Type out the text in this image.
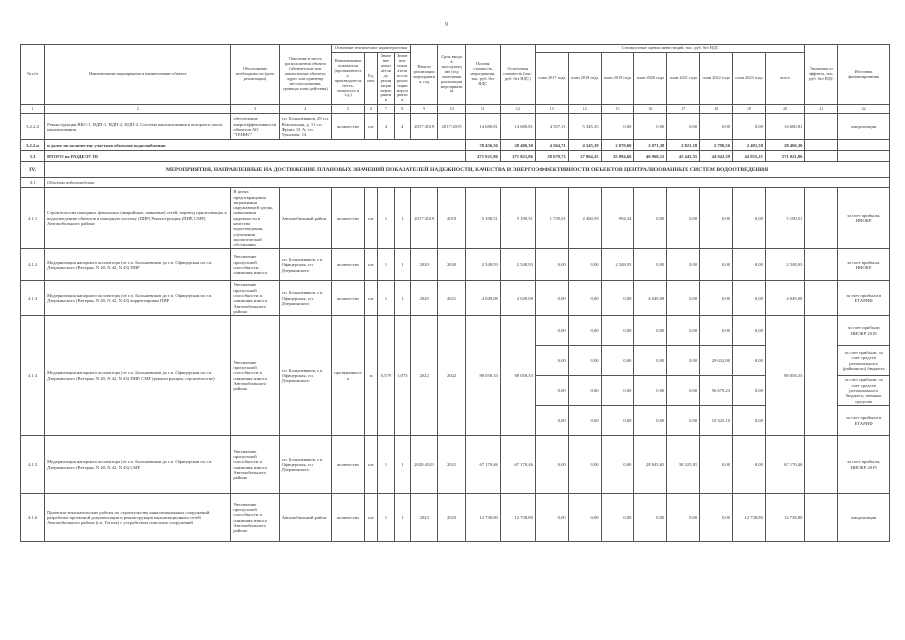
9
№ п/п	Наименование мероприятия и наименование объекта	Обоснование необходимости (цель реализации)	Описание и место расположения объекта (абонентские или аналогичные объекты; адрес или ориентир местоположения; границы зоны действия)	Основные технические характеристики				Начало реализации мероприятия, год	Срок ввода в эксплуатацию (год окончания реализации мероприятия)	Полная стоимость мероприятия, тыс. руб. без НДС	Остаточная стоимость (тыс. руб. без НДС)	Стоимостные оценки инвестиций, тыс. руб. без НДС								Экономия от эффекта, тыс. руб. без НДС	Источник финансирования
				Наименование показателя (протяженность, производительность, мощность и т.д.)	Ед. изм.	Значение показателя до реализации мероприятия	Значение показателя после реализации мероприятия					план 2017 года	план 2018 года	план 2019 года	план 2020 года	план 2021 года	план 2022 года	план 2023 года	всего		

1	2	3	4	5	6	7	8	9	10	11	12	13	14	15	16	17	18	19	20	21	22
3.2.2.4	Реконструкция ВКС-1, НДП-1, НДП-2, НДП-3. Система канализования в котором в части канализования	обеспечение энергоэффективности объектов АО "ТЕНИС"	г.п. Большевиков, 29 г.п. Вокзальная, д. 11 г.п. Фронт, 31 А, г.п. Тукалова, 14	количество	шт	4	4	2017-2019	2017-2019	14 680,81	14 680,81	4 557,11	5 345,35	0,00	0,00	0,00	0,00	0,00	14 680,81		амортизация
3.2.2.n	и далее по количеству участков объектов водоснабжения									70 456,56	28 406,30	4 564,71	4 545,39	2 079,60	2 071,38	2 821,18	2 798,56	2 491,58	28 406,30		
3.3	ИТОГО по РАЗДЕЛУ III									471 021,86	271 021,86	28 679,73	27 864,25	25 894,66	46 960,12	45 443,55	44 942,39	44 935,21	271 021,86		
IV.	МЕРОПРИЯТИЯ, НАПРАВЛЕННЫЕ НА ДОСТИЖЕНИЕ ПЛАНОВЫХ ЗНАЧЕНИЙ ПОКАЗАТЕЛЕЙ НАДЕЖНОСТИ, КАЧЕСТВА И ЭНЕРГОЭФФЕКТИВНОСТИ ОБЪЕКТОВ ЦЕНТРАЛИЗОВАННЫХ СИСТЕМ ВОДООТВЕДЕНИЯ																				
4.1	Объекты водоотведения																				
4.1.1	Строительство напорных фекальных (аварийные, ливневые) сетей, перевод прилегающих к водоотведению объектов в напорную систему (ПИР) Реконструкция (ПИР, СМР) Автомобильного района	В целях предотвращения загрязнения окружающей среды, повышения надежности и качества водоотведения, улучшения экологической обстановки	Автомобильный район	количество	шт	1	1	2017-2019	2019	5 190,51	5 190,51	1 739,01	2 460,59	994,34	0,00	0,00	0,00	0,00	5 190,51		за счет прибыли, НИОКР
4.1.2	Модернизация напорного коллектора (от г.п. Большевиков до г.п. Офицерская по г.п. Дзержинского (Ветеран, N 40, N 42, N 43) ПИР	Увеличение пропускной способности, снижения износа	г.п. Большевиков, г.п. Офицерская, г.п. Дзержинского	количество	шт	1	1	2020	2020	2 548,93	2 548,93	0,00	0,00	2 548,93	0,00	0,00	0,00	0,00	2 548,93		за счет прибыли, НИОКР
4.1.3	Модернизация напорного коллектора (от г.п. Большевиков до г.п. Офицерская по г.п. Дзержинского (Ветеран, N 40, N 42, N 43) корректировка ПИР	Увеличение пропускной способности и снижения износа Автомобильного района	г.п. Большевиков, г.п. Офицерская, г.п. Дзержинского	количество	шт	1	1	2020	2021	4 049,08	4 049,08	0,00	0,00	0,00	4 049,08	0,00	0,00	0,00	4 049,08		за счет прибыли в ЕТАРИФ
4.1.4	Модернизация напорного коллектора (от г.п. Большевиков до г.п. Офицерская по г.п. Дзержинского (Ветеран, N 40, N 42, N 43) ПИР, СМР (реконструкция, строительство)	Увеличение пропускной способности и снижения износа Автомобильного района	г.п. Большевиков, г.п. Офицерская, г.п. Дзержинского	протяженность	м	0,579	1,073	2022	2022	88 058,33	88 058,33	0,00	0,00	0,00	0,00	0,00	0,00	0,00	88 058,33		за счет прибыли НИОКР 2018
												0,00	0,00	0,00	0,00	0,00	28 632,80	0,00			за счет прибыли, за счет средств регионального (районного) бюджета
												0,00	0,00	0,00	0,00	0,00	56 679,23	0,00			за счет прибыли, за счет средств регионального бюджета, заемные средства
												0,00	0,00	0,00	0,00	0,00	10 325,10	0,00			за счет прибыли в ЕТАРИФ
4.1.5	Модернизация напорного коллектора (от г.п. Большевиков до г.п. Офицерская по г.п. Дзержинского (Ветеран, N 40, N 42, N 43) СМР	Увеличение пропускной способности и снижения износа Автомобильного района	г.п. Большевиков, г.п. Офицерская, г.п. Дзержинского	количество	шт	1	1	2020-2021	2021	67 170,46	67 170,46	0,00	0,00	0,00	28 845,65	38 325,81	0,00	0,00	67 170,46		за счет прибыли, НИОКР 2019
4.1.6	Проектно-изыскательские работы по строительству канализационных сооружений, разработка проектной документации и реконструкция канализационных сетей Автомобильного района (г.п. Гоголя) с устройством очистных сооружений	Увеличение пропускной способности и снижения износа Автомобильного района	Автомобильный район	количество	шт	1	1	2023	2023	12 738,80	12 738,80	0,00	0,00	0,00	0,00	0,00	0,00	12 738,80	12 738,80		амортизация
